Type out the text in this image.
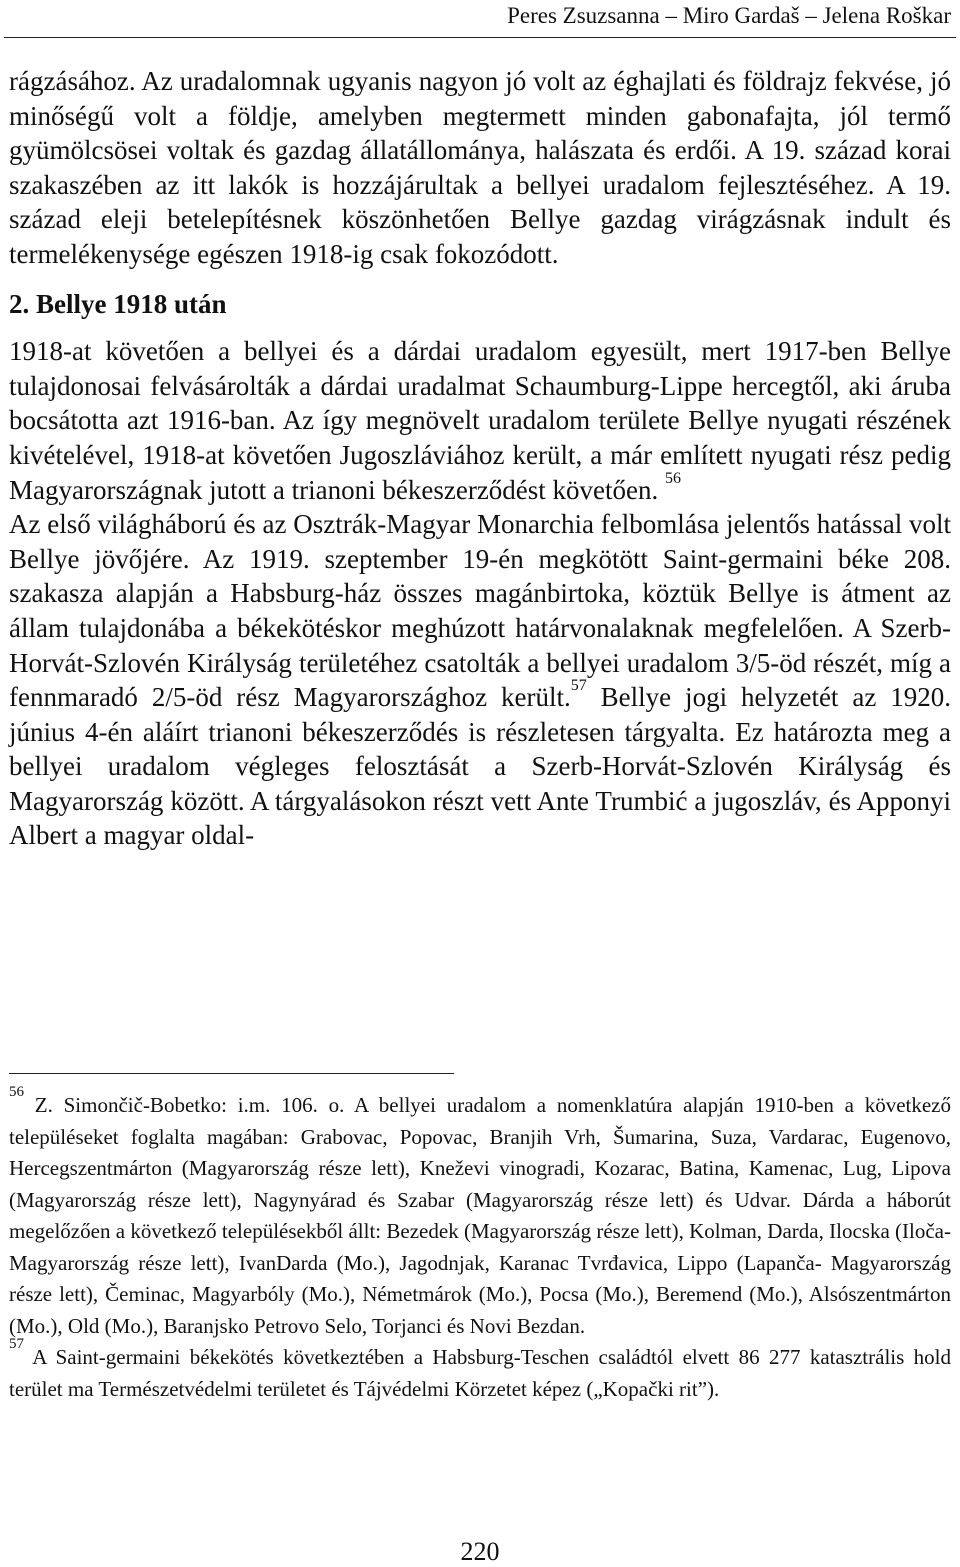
Peres Zsuzsanna – Miro Gardaš – Jelena Roškar

rágzásához. Az uradalomnak ugyanis nagyon jó volt az éghajlati és földrajz fekvése, jó minőségű volt a földje, amelyben megtermett minden gabonafajta, jól termő gyümölcsösei voltak és gazdag állatállománya, halászata és erdői. A 19. század korai szakaszében az itt lakók is hozzájárultak a bellyei uradalom fejlesztéséhez. A 19. század eleji betelepítésnek köszönhetően Bellye gazdag virágzásnak indult és termelékenysége egészen 1918-ig csak fokozódott.

2. Bellye 1918 után

1918-at követően a bellyei és a dárdai uradalom egyesült, mert 1917-ben Bellye tulajdonosai felvásárolták a dárdai uradalmat Schaumburg-Lippe hercegtől, aki áruba bocsátotta azt 1916-ban. Az így megnövelt uradalom területe Bellye nyugati részének kivételével, 1918-at követően Jugoszláviához került, a már említett nyugati rész pedig Magyarországnak jutott a trianoni békeszerződést követően. $^{56}$

Az első világháború és az Osztrák-Magyar Monarchia felbomlása jelentős hatással volt Bellye jövőjére. Az 1919. szeptember 19-én megkötött Saint-germaini béke 208. szakasza alapján a Habsburg-ház összes magánbirtoka, köztük Bellye is átment az állam tulajdonába a békekötéskor meghúzott határvonalaknak megfelelően. A Szerb-Horvát-Szlovén Királyság területéhez csatolták a bellyei uradalom 3/5-öd részét, míg a fennmaradó 2/5-öd rész Magyarországhoz került.$^{57}$ Bellye jogi helyzetét az 1920. június 4-én aláírt trianoni békeszerződés is részletesen tárgyalta. Ez határozta meg a bellyei uradalom végleges felosztását a Szerb-Horvát-Szlovén Királyság és Magyarország között. A tárgyalásokon részt vett Ante Trumbić a jugoszláv, és Apponyi Albert a magyar oldal-

$^{56}$ Z. Simončič-Bobetko: i.m. 106. o. A bellyei uradalom a nomenklatúra alapján 1910-ben a következő településeket foglalta magában: Grabovac, Popovac, Branjih Vrh, Šumarina, Suza, Vardarac, Eugenovo, Hercegszentmárton (Magyarország része lett), Kneževi vinogradi, Kozarac, Batina, Kamenac, Lug, Lipova (Magyarország része lett), Nagynyárad és Szabar (Magyarország része lett) és Udvar. Dárda a háborút megelőzően a következő településekből állt: Bezedek (Magyarország része lett), Kolman, Darda, Ilocska (Iloča- Magyarország része lett), IvanDarda (Mo.), Jagodnjak, Karanac Tvrđavica, Lippo (Lapanča- Magyarország része lett), Čeminac, Magyarbóly (Mo.), Németmárok (Mo.), Pocsa (Mo.), Beremend (Mo.), Alsószentmárton (Mo.), Old (Mo.), Baranjsko Petrovo Selo, Torjanci és Novi Bezdan.

$^{57}$ A Saint-germaini békekötés következtében a Habsburg-Teschen családtól elvett 86 277 katasztrális hold terület ma Természetvédelmi területet és Tájvédelmi Körzetet képez („Kopački rit”).

220
